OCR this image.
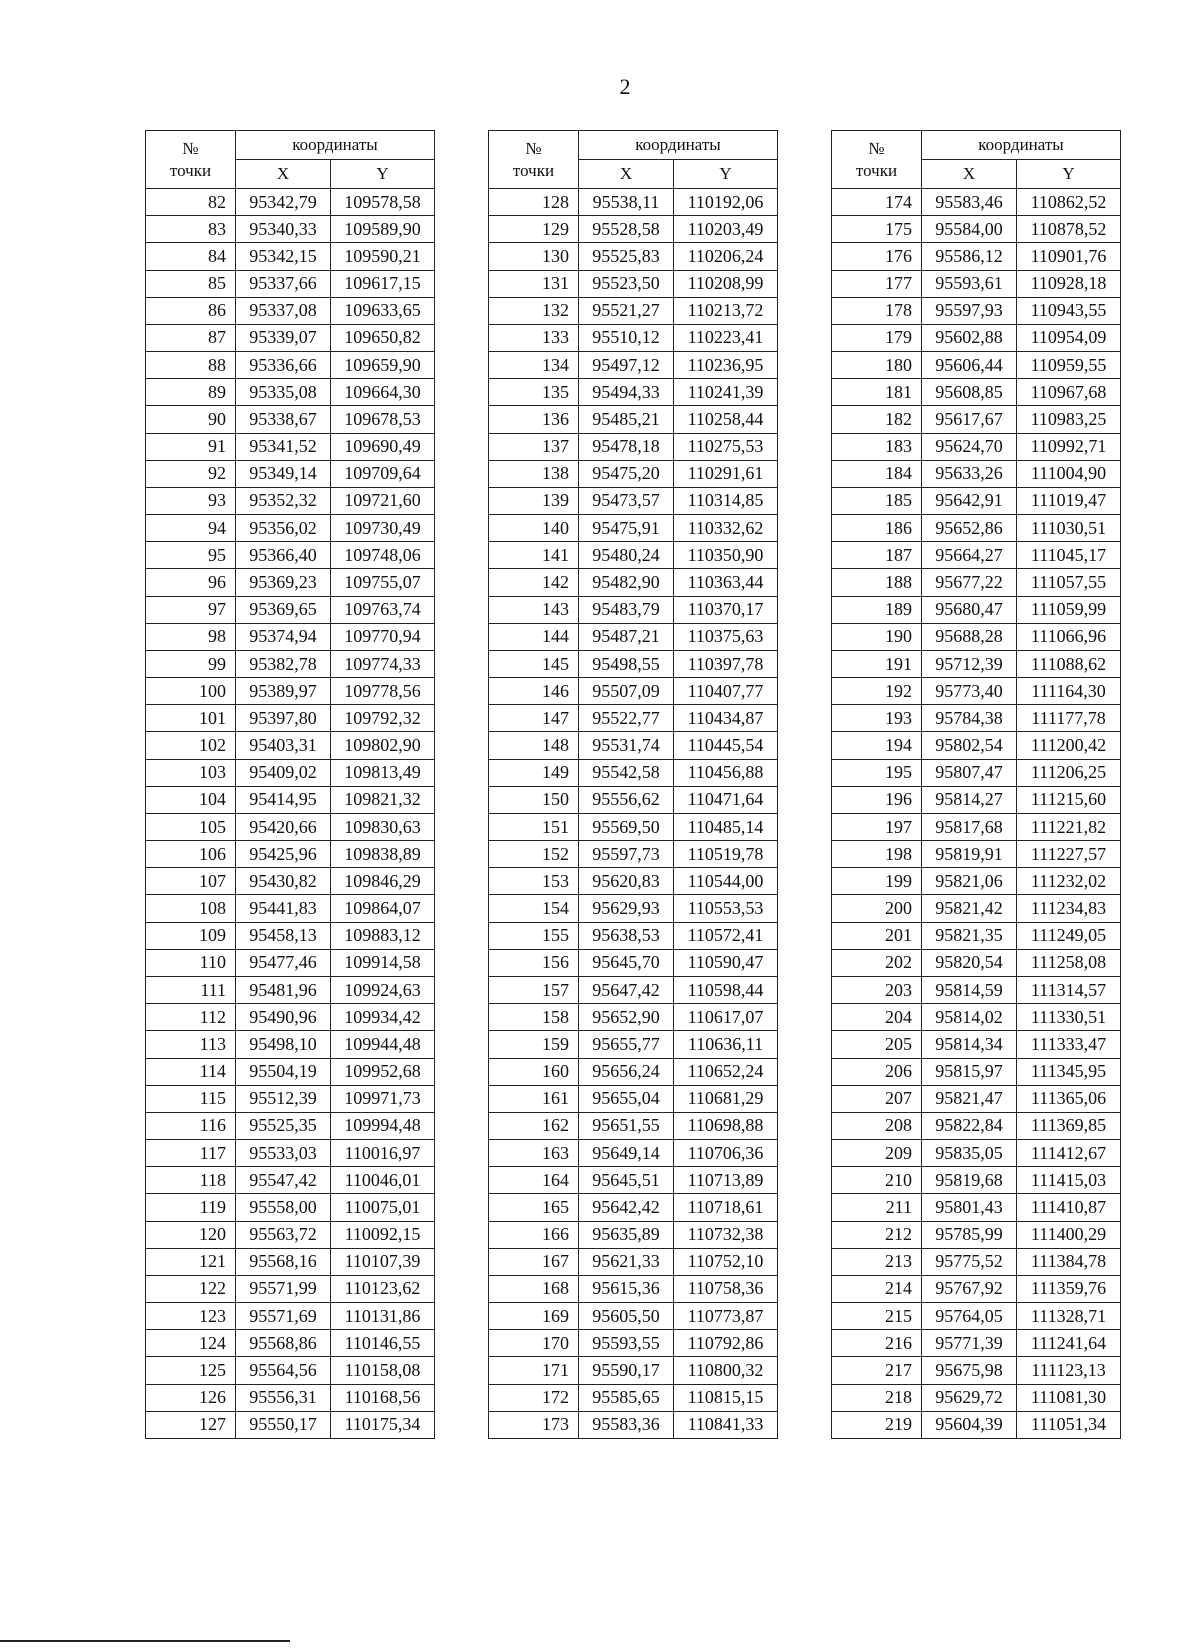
2
№
точки	координаты	
	X	Y
82	95342,79	109578,58
83	95340,33	109589,90
84	95342,15	109590,21
85	95337,66	109617,15
86	95337,08	109633,65
87	95339,07	109650,82
88	95336,66	109659,90
89	95335,08	109664,30
90	95338,67	109678,53
91	95341,52	109690,49
92	95349,14	109709,64
93	95352,32	109721,60
94	95356,02	109730,49
95	95366,40	109748,06
96	95369,23	109755,07
97	95369,65	109763,74
98	95374,94	109770,94
99	95382,78	109774,33
100	95389,97	109778,56
101	95397,80	109792,32
102	95403,31	109802,90
103	95409,02	109813,49
104	95414,95	109821,32
105	95420,66	109830,63
106	95425,96	109838,89
107	95430,82	109846,29
108	95441,83	109864,07
109	95458,13	109883,12
110	95477,46	109914,58
111	95481,96	109924,63
112	95490,96	109934,42
113	95498,10	109944,48
114	95504,19	109952,68
115	95512,39	109971,73
116	95525,35	109994,48
117	95533,03	110016,97
118	95547,42	110046,01
119	95558,00	110075,01
120	95563,72	110092,15
121	95568,16	110107,39
122	95571,99	110123,62
123	95571,69	110131,86
124	95568,86	110146,55
125	95564,56	110158,08
126	95556,31	110168,56
127	95550,17	110175,34
№
точки	координаты	
	X	Y
128	95538,11	110192,06
129	95528,58	110203,49
130	95525,83	110206,24
131	95523,50	110208,99
132	95521,27	110213,72
133	95510,12	110223,41
134	95497,12	110236,95
135	95494,33	110241,39
136	95485,21	110258,44
137	95478,18	110275,53
138	95475,20	110291,61
139	95473,57	110314,85
140	95475,91	110332,62
141	95480,24	110350,90
142	95482,90	110363,44
143	95483,79	110370,17
144	95487,21	110375,63
145	95498,55	110397,78
146	95507,09	110407,77
147	95522,77	110434,87
148	95531,74	110445,54
149	95542,58	110456,88
150	95556,62	110471,64
151	95569,50	110485,14
152	95597,73	110519,78
153	95620,83	110544,00
154	95629,93	110553,53
155	95638,53	110572,41
156	95645,70	110590,47
157	95647,42	110598,44
158	95652,90	110617,07
159	95655,77	110636,11
160	95656,24	110652,24
161	95655,04	110681,29
162	95651,55	110698,88
163	95649,14	110706,36
164	95645,51	110713,89
165	95642,42	110718,61
166	95635,89	110732,38
167	95621,33	110752,10
168	95615,36	110758,36
169	95605,50	110773,87
170	95593,55	110792,86
171	95590,17	110800,32
172	95585,65	110815,15
173	95583,36	110841,33
№
точки	координаты	
	X	Y
174	95583,46	110862,52
175	95584,00	110878,52
176	95586,12	110901,76
177	95593,61	110928,18
178	95597,93	110943,55
179	95602,88	110954,09
180	95606,44	110959,55
181	95608,85	110967,68
182	95617,67	110983,25
183	95624,70	110992,71
184	95633,26	111004,90
185	95642,91	111019,47
186	95652,86	111030,51
187	95664,27	111045,17
188	95677,22	111057,55
189	95680,47	111059,99
190	95688,28	111066,96
191	95712,39	111088,62
192	95773,40	111164,30
193	95784,38	111177,78
194	95802,54	111200,42
195	95807,47	111206,25
196	95814,27	111215,60
197	95817,68	111221,82
198	95819,91	111227,57
199	95821,06	111232,02
200	95821,42	111234,83
201	95821,35	111249,05
202	95820,54	111258,08
203	95814,59	111314,57
204	95814,02	111330,51
205	95814,34	111333,47
206	95815,97	111345,95
207	95821,47	111365,06
208	95822,84	111369,85
209	95835,05	111412,67
210	95819,68	111415,03
211	95801,43	111410,87
212	95785,99	111400,29
213	95775,52	111384,78
214	95767,92	111359,76
215	95764,05	111328,71
216	95771,39	111241,64
217	95675,98	111123,13
218	95629,72	111081,30
219	95604,39	111051,34
